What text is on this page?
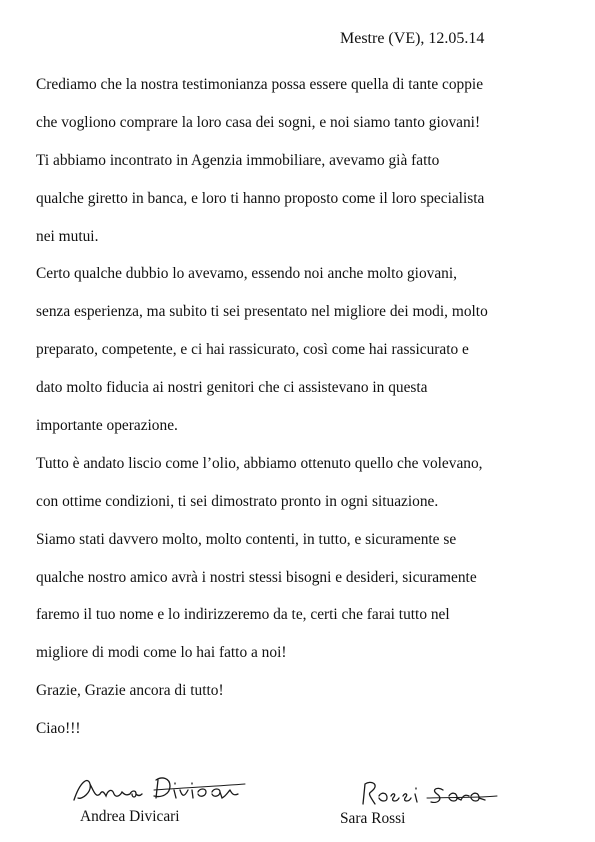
Mestre (VE), 12.05.14
Crediamo che la nostra testimonianza possa essere quella di tante coppie
che vogliono comprare la loro casa dei sogni, e noi siamo tanto giovani!
Ti abbiamo incontrato in Agenzia immobiliare, avevamo già fatto
qualche giretto in banca, e loro ti hanno proposto come il loro specialista
nei mutui.
Certo qualche dubbio lo avevamo, essendo noi anche molto giovani,
senza esperienza, ma subito ti sei presentato nel migliore dei modi, molto
preparato, competente, e ci hai rassicurato, così come hai rassicurato e
dato molto fiducia ai nostri genitori che ci assistevano in questa
importante operazione.
Tutto è andato liscio come l’olio, abbiamo ottenuto quello che volevano,
con ottime condizioni, ti sei dimostrato pronto in ogni situazione.
Siamo stati davvero molto, molto contenti, in tutto, e sicuramente se
qualche nostro amico avrà i nostri stessi bisogni e desideri, sicuramente
faremo il tuo nome e lo indirizzeremo da te, certi che farai tutto nel
migliore di modi come lo hai fatto a noi!
Grazie, Grazie ancora di tutto!
Ciao!!!
Andrea Divicari	Sara Rossi
